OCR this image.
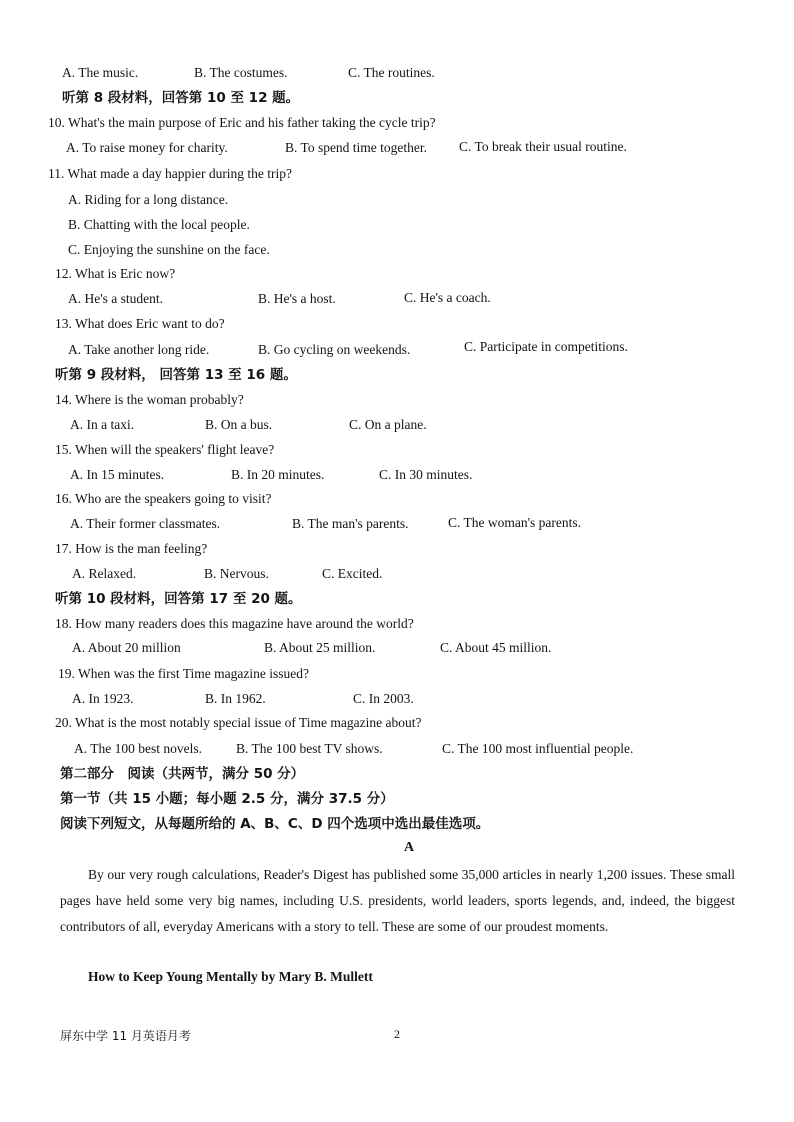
A. The music.	B. The costumes.	C. The routines.
听第 8 段材料，回答第 10 至 12 题。
10. What's the main purpose of Eric and his father taking the cycle trip?
A. To raise money for charity.	B. To spend time together. C. To break their usual routine.
11. What made a day happier during the trip?
A. Riding for a long distance.
B. Chatting with the local people.
C. Enjoying the sunshine on the face.
12. What is Eric now?
A. He's a student.	B. He's a host.	C. He's a coach.
13. What does Eric want to do?
A. Take another long ride.	B. Go cycling on weekends.	C. Participate in competitions.
听第 9 段材料， 回答第 13 至 16 题。
14. Where is the woman probably?
A. In a taxi.	B. On a bus.	C. On a plane.
15. When will the speakers' flight leave?
A. In 15 minutes.	B. In 20 minutes.	C. In 30 minutes.
16. Who are the speakers going to visit?
A. Their former classmates.	B. The man's parents.	C. The woman's parents.
17. How is the man feeling?
A. Relaxed.	B. Nervous.	C. Excited.
听第 10 段材料，回答第 17 至 20 题。
18. How many readers does this magazine have around the world?
A. About 20 million	B. About 25 million.	C. About 45 million.
19. When was the first Time magazine issued?
A. In 1923.	B. In 1962.	C. In 2003.
20. What is the most notably special issue of Time magazine about?
A. The 100 best novels.	B. The 100 best TV shows.	C. The 100 most influential people.
第二部分　阅读（共两节，满分 50 分）
第一节（共 15 小题；每小题 2.5 分，满分 37.5 分）
阅读下列短文，从每题所给的 A、B、C、D 四个选项中选出最佳选项。
A
By our very rough calculations, Reader's Digest has published some 35,000 articles in nearly 1,200 issues. These small pages have held some very big names, including U.S. presidents, world leaders, sports legends, and, indeed, the biggest contributors of all, everyday Americans with a story to tell. These are some of our proudest moments.
How to Keep Young Mentally by Mary B. Mullett
屏东中学 11 月英语月考	2
